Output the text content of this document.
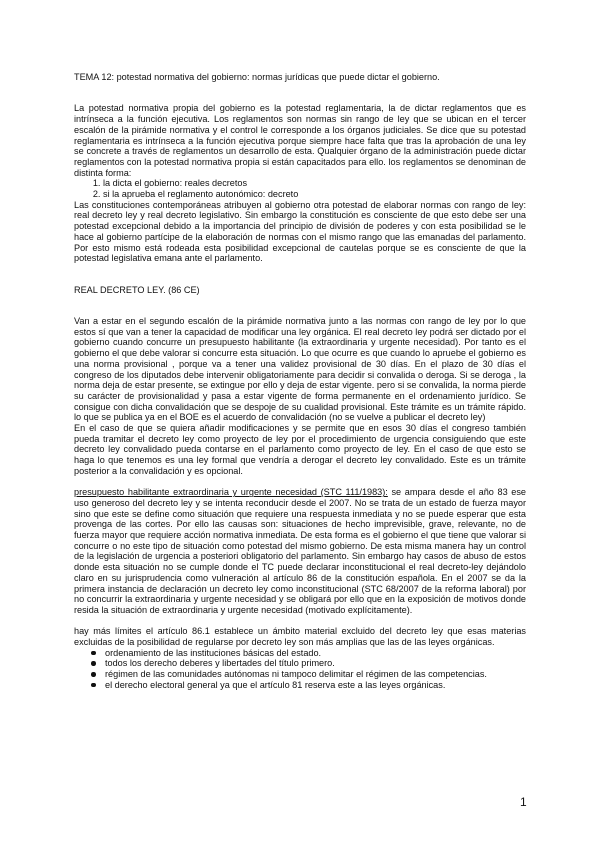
TEMA 12: potestad normativa del gobierno: normas jurídicas que puede dictar el gobierno.

La potestad normativa propia del gobierno es la potestad reglamentaria, la de dictar reglamentos que es intrínseca a la función ejecutiva. Los reglamentos son normas sin rango de ley que se ubican en el tercer escalón de la pirámide normativa y el control le corresponde a los órganos judiciales. Se dice que su potestad reglamentaria es intrínseca a la función ejecutiva porque siempre hace falta que tras la aprobación de una ley se concrete a través de reglamentos un desarrollo de esta. Qualquier órgano de la administración puede dictar reglamentos con la potestad normativa propia si están capacitados para ello. los reglamentos se denominan de distinta forma:

1. la dicta el gobierno: reales decretos
2. si la aprueba el reglamento autonómico: decreto

Las constituciones contemporáneas atribuyen al gobierno otra potestad de elaborar normas con rango de ley: real decreto ley y real decreto legislativo. Sin embargo la constitución es consciente de que esto debe ser una potestad excepcional debido a la importancia del principio de división de poderes y con esta posibilidad se le hace al gobierno partícipe de la elaboración de normas con el mismo rango que las emanadas del parlamento. Por esto mismo está rodeada esta posibilidad excepcional de cautelas porque se es consciente de que la potestad legislativa emana ante el parlamento.

REAL DECRETO LEY. (86 CE)

Van a estar en el segundo escalón de la pirámide normativa junto a las normas con rango de ley por lo que estos sí que van a tener la capacidad de modificar una ley orgánica. El real decreto ley podrá ser dictado por el gobierno cuando concurre un presupuesto habilitante (la extraordinaria y urgente necesidad). Por tanto es el gobierno el que debe valorar si concurre esta situación. Lo que ocurre es que cuando lo apruebe el gobierno es una norma provisional , porque va a tener una validez provisional de 30 días. En el plazo de 30 días el congreso de los diputados debe intervenir obligatoriamente para decidir si convalida o deroga. Si se deroga , la norma deja de estar presente, se extingue por ello y deja de estar vigente. pero si se convalida, la norma pierde su carácter de provisionalidad y pasa a estar vigente de forma permanente en el ordenamiento jurídico. Se consigue con dicha convalidación que se despoje de su cualidad provisional. Este trámite es un trámite rápido. lo que se publica ya en el BOE es el acuerdo de convalidación (no se vuelve a publicar el decreto ley)

En el caso de que se quiera añadir modificaciones y se permite que en esos 30 días el congreso también pueda tramitar el decreto ley como proyecto de ley por el procedimiento de urgencia consiguiendo que este decreto ley convalidado pueda contarse en el parlamento como proyecto de ley. En el caso de que esto se haga lo que tenemos es una ley formal que vendría a derogar el decreto ley convalidado. Este es un trámite posterior a la convalidación y es opcional.

presupuesto habilitante extraordinaria y urgente necesidad (STC 111/1983): se ampara desde el año 83 ese uso generoso del decreto ley y se intenta reconducir desde el 2007. No se trata de un estado de fuerza mayor sino que este se define como situación que requiere una respuesta inmediata y no se puede esperar que esta provenga de las cortes. Por ello las causas son: situaciones de hecho imprevisible, grave, relevante, no de fuerza mayor que requiere acción normativa inmediata. De esta forma es el gobierno el que tiene que valorar si concurre o no este tipo de situación como potestad del mismo gobierno. De esta misma manera hay un control de la legislación de urgencia a posteriori obligatorio del parlamento. Sin embargo hay casos de abuso de estos donde esta situación no se cumple donde el TC puede declarar inconstitucional el real decreto-ley dejándolo claro en su jurisprudencia como vulneración al artículo 86 de la constitución española. En el 2007 se da la primera instancia de declaración un decreto ley como inconstitucional (STC 68/2007 de la reforma laboral) por no concurrir la extraordinaria y urgente necesidad y se obligará por ello que en la exposición de motivos donde resida la situación de extraordinaria y urgente necesidad (motivado explícitamente).

hay más límites el artículo 86.1 establece un ámbito material excluido del decreto ley que esas materias excluidas de la posibilidad de regularse por decreto ley son más amplias que las de las leyes orgánicas.

ordenamiento de las instituciones básicas del estado.
todos los derecho deberes y libertades del título primero.
régimen de las comunidades autónomas ni tampoco delimitar el régimen de las competencias.
el derecho electoral general ya que el artículo 81 reserva este a las leyes orgánicas.
1
